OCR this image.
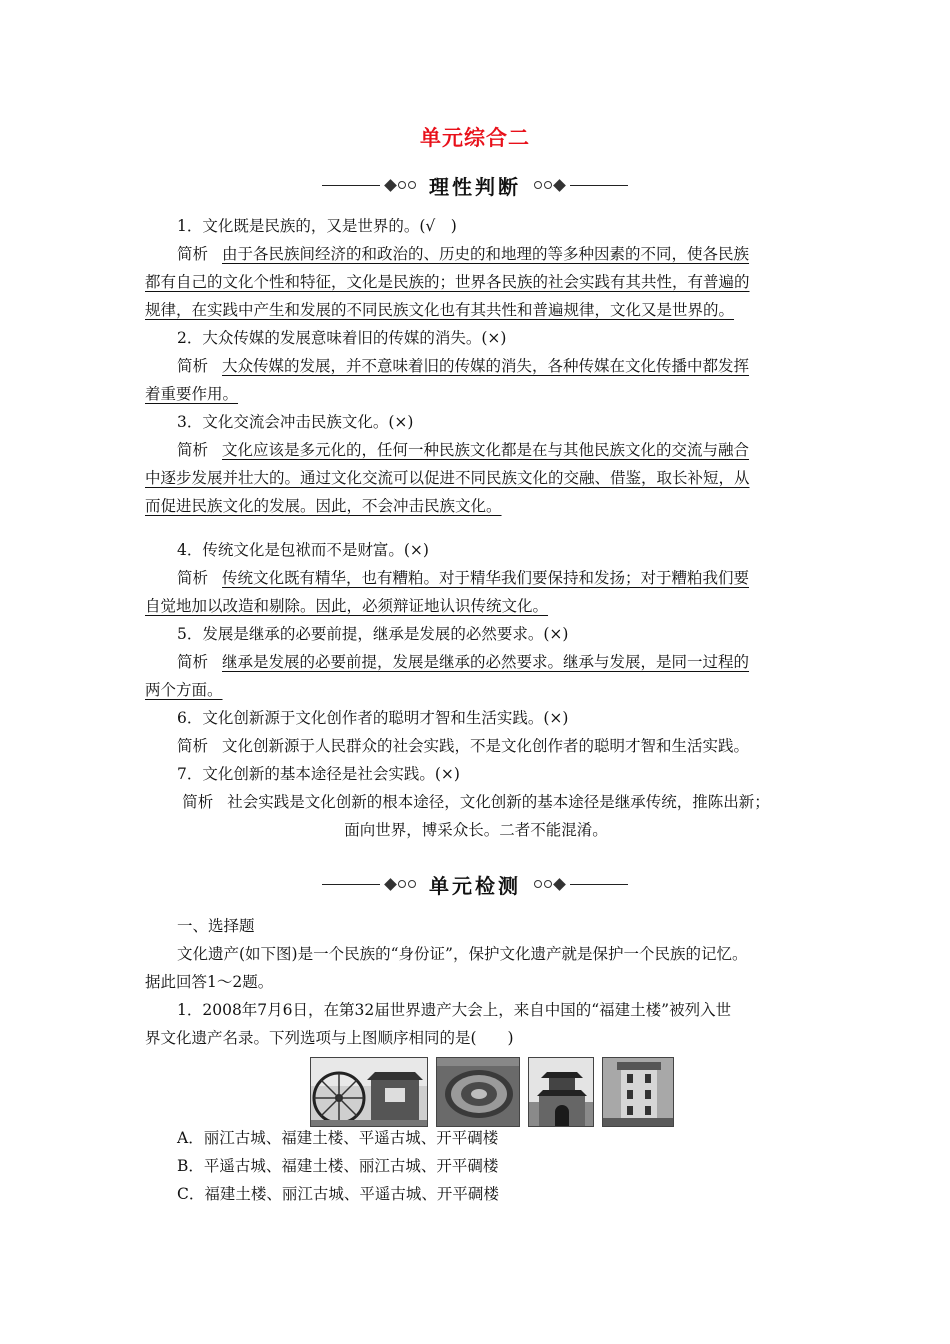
单元综合二
理性判断
1．文化既是民族的，又是世界的。(√　)
简析 由于各民族间经济的和政治的、历史的和地理的等多种因素的不同，使各民族
都有自己的文化个性和特征，文化是民族的；世界各民族的社会实践有其共性，有普遍的
规律，在实践中产生和发展的不同民族文化也有其共性和普遍规律，文化又是世界的。
2．大众传媒的发展意味着旧的传媒的消失。(×)
简析 大众传媒的发展，并不意味着旧的传媒的消失，各种传媒在文化传播中都发挥
着重要作用。
3．文化交流会冲击民族文化。(×)
简析 文化应该是多元化的，任何一种民族文化都是在与其他民族文化的交流与融合
中逐步发展并壮大的。通过文化交流可以促进不同民族文化的交融、借鉴，取长补短，从
而促进民族文化的发展。因此，不会冲击民族文化。
4．传统文化是包袱而不是财富。(×)
简析 传统文化既有精华，也有糟粕。对于精华我们要保持和发扬；对于糟粕我们要
自觉地加以改造和剔除。因此，必须辩证地认识传统文化。
5．发展是继承的必要前提，继承是发展的必然要求。(×)
简析 继承是发展的必要前提，发展是继承的必然要求。继承与发展，是同一过程的
两个方面。
6．文化创新源于文化创作者的聪明才智和生活实践。(×)
简析 文化创新源于人民群众的社会实践，不是文化创作者的聪明才智和生活实践。
7．文化创新的基本途径是社会实践。(×)
简析 社会实践是文化创新的根本途径，文化创新的基本途径是继承传统，推陈出新；
面向世界，博采众长。二者不能混淆。
单元检测
一、选择题
文化遗产(如下图)是一个民族的“身份证”，保护文化遗产就是保护一个民族的记忆。
据此回答1～2题。
1．2008年7月6日，在第32届世界遗产大会上，来自中国的“福建土楼”被列入世
界文化遗产名录。下列选项与上图顺序相同的是(　　)
A．丽江古城、福建土楼、平遥古城、开平碉楼
B．平遥古城、福建土楼、丽江古城、开平碉楼
C．福建土楼、丽江古城、平遥古城、开平碉楼
